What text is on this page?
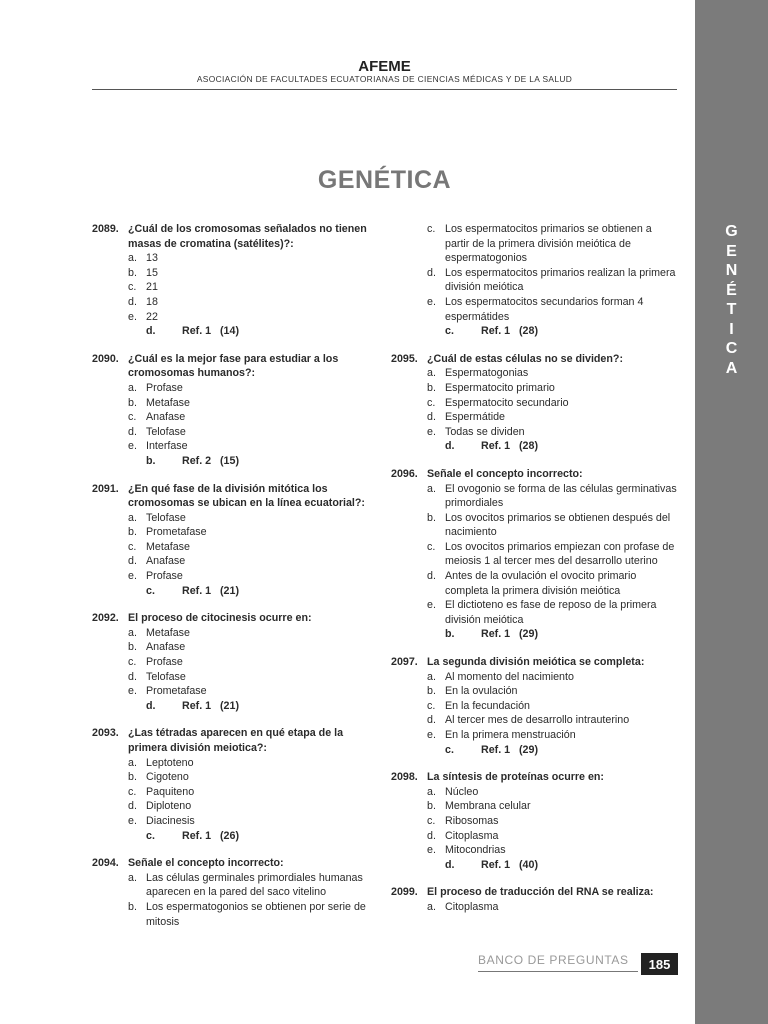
AFEME
ASOCIACIÓN DE FACULTADES ECUATORIANAS DE CIENCIAS MÉDICAS Y DE LA SALUD
GENÉTICA
G
E
N
É
T
I
C
A
2089. ¿Cuál de los cromosomas señalados no tienen masas de cromatina (satélites)?:
a. 13
b. 15
c. 21
d. 18
e. 22
d.	Ref. 1 (14)
2090. ¿Cuál es la mejor fase para estudiar a los cromosomas humanos?:
a. Profase
b. Metafase
c. Anafase
d. Telofase
e. Interfase
b.	Ref. 2 (15)
2091. ¿En qué fase de la división mitótica los cromosomas se ubican en la línea ecuatorial?:
a. Telofase
b. Prometafase
c. Metafase
d. Anafase
e. Profase
c.	Ref. 1 (21)
2092. El proceso de citocinesis ocurre en:
a. Metafase
b. Anafase
c. Profase
d. Telofase
e. Prometafase
d.	Ref. 1 (21)
2093. ¿Las tétradas aparecen en qué etapa de la primera división meiotica?:
a. Leptoteno
b. Cigoteno
c. Paquiteno
d. Diploteno
e. Diacinesis
c.	Ref. 1 (26)
2094. Señale el concepto incorrecto:
a. Las células germinales primordiales humanas aparecen en la pared del saco vitelino
b. Los espermatogonios se obtienen por serie de mitosis
c. Los espermatocitos primarios se obtienen a partir de la primera división meiótica de espermatogonios
d. Los espermatocitos primarios realizan la primera división meiótica
e. Los espermatocitos secundarios forman 4 espermátides
c.	Ref. 1 (28)
2095. ¿Cuál de estas células no se dividen?:
a. Espermatogonias
b. Espermatocito primario
c. Espermatocito secundario
d. Espermátide
e. Todas se dividen
d.	Ref. 1 (28)
2096. Señale el concepto incorrecto:
a. El ovogonio se forma de las células germinativas primordiales
b. Los ovocitos primarios se obtienen después del nacimiento
c. Los ovocitos primarios empiezan con profase de meiosis 1 al tercer mes del desarrollo uterino
d. Antes de la ovulación el ovocito primario completa la primera división meiótica
e. El dictioteno es fase de reposo de la primera división meiótica
b.	Ref. 1 (29)
2097. La segunda división meiótica se completa:
a. Al momento del nacimiento
b. En la ovulación
c. En la fecundación
d. Al tercer mes de desarrollo intrauterino
e. En la primera menstruación
c.	Ref. 1 (29)
2098. La síntesis de proteínas ocurre en:
a. Núcleo
b. Membrana celular
c. Ribosomas
d. Citoplasma
e. Mitocondrias
d.	Ref. 1 (40)
2099. El proceso de traducción del RNA se realiza:
a. Citoplasma
BANCO DE PREGUNTAS	185
